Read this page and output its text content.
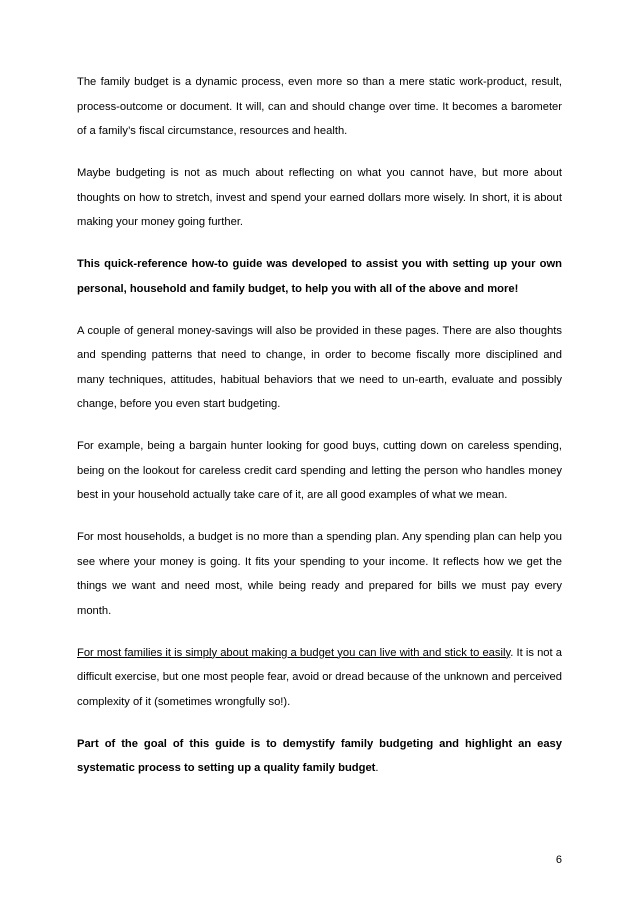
The family budget is a dynamic process, even more so than a mere static work-product, result, process-outcome or document. It will, can and should change over time. It becomes a barometer of a family’s fiscal circumstance, resources and health.

Maybe budgeting is not as much about reflecting on what you cannot have, but more about thoughts on how to stretch, invest and spend your earned dollars more wisely. In short, it is about making your money going further.

This quick-reference how-to guide was developed to assist you with setting up your own personal, household and family budget, to help you with all of the above and more!

A couple of general money-savings will also be provided in these pages. There are also thoughts and spending patterns that need to change, in order to become fiscally more disciplined and many techniques, attitudes, habitual behaviors that we need to un-earth, evaluate and possibly change, before you even start budgeting.

For example, being a bargain hunter looking for good buys, cutting down on careless spending, being on the lookout for careless credit card spending and letting the person who handles money best in your household actually take care of it, are all good examples of what we mean.

For most households, a budget is no more than a spending plan. Any spending plan can help you see where your money is going. It fits your spending to your income. It reflects how we get the things we want and need most, while being ready and prepared for bills we must pay every month.

For most families it is simply about making a budget you can live with and stick to easily. It is not a difficult exercise, but one most people fear, avoid or dread because of the unknown and perceived complexity of it (sometimes wrongfully so!).

Part of the goal of this guide is to demystify family budgeting and highlight an easy systematic process to setting up a quality family budget.

6
